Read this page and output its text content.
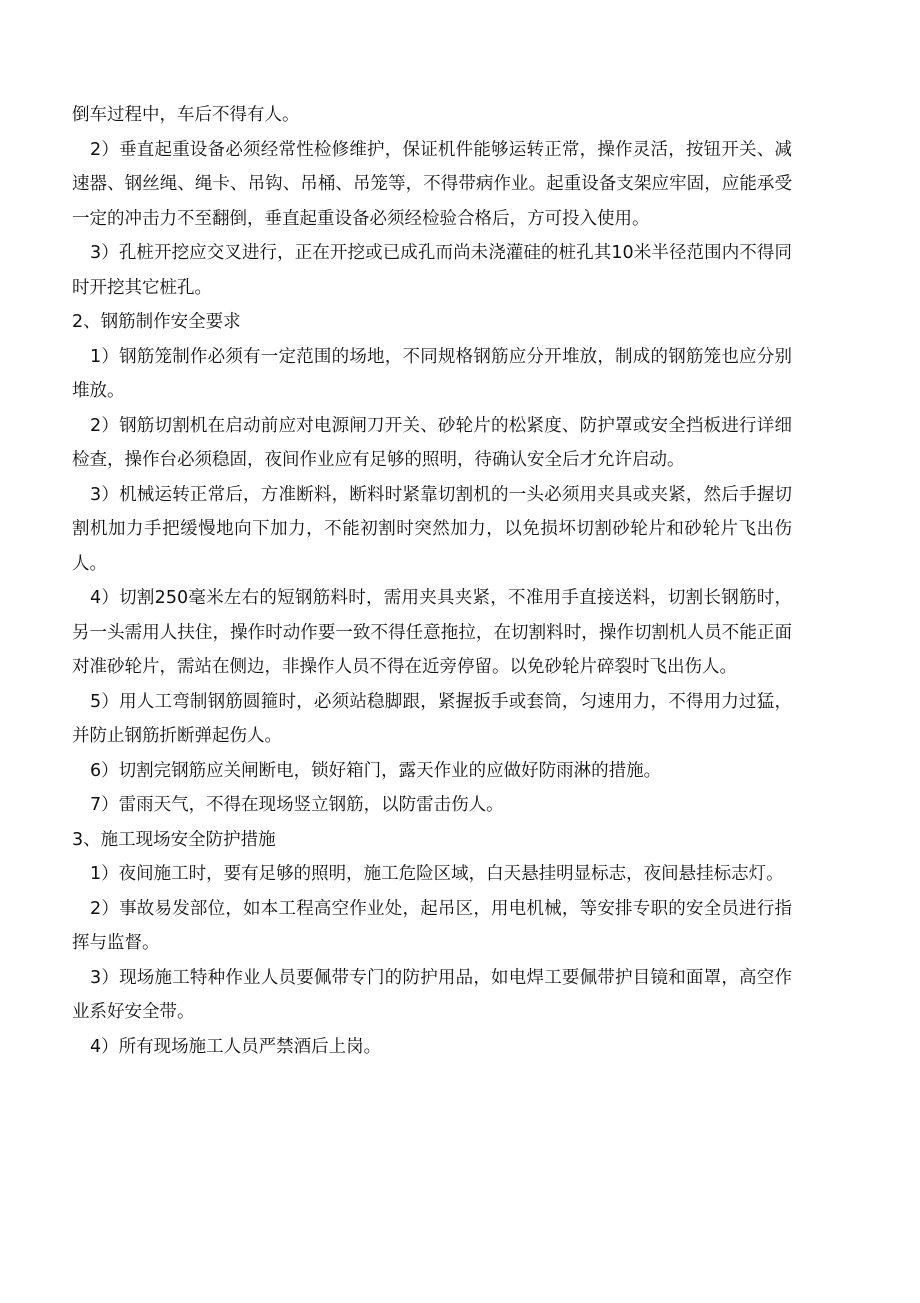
倒车过程中，车后不得有人。

2）垂直起重设备必须经常性检修维护，保证机件能够运转正常，操作灵活，按钮开关、减速器、钢丝绳、绳卡、吊钩、吊桶、吊笼等，不得带病作业。起重设备支架应牢固，应能承受一定的冲击力不至翻倒，垂直起重设备必须经检验合格后，方可投入使用。

3）孔桩开挖应交叉进行，正在开挖或已成孔而尚未浇灌硅的桩孔其10米半径范围内不得同时开挖其它桩孔。

2、钢筋制作安全要求

1）钢筋笼制作必须有一定范围的场地，不同规格钢筋应分开堆放，制成的钢筋笼也应分别堆放。

2）钢筋切割机在启动前应对电源闸刀开关、砂轮片的松紧度、防护罩或安全挡板进行详细检查，操作台必须稳固，夜间作业应有足够的照明，待确认安全后才允许启动。

3）机械运转正常后，方准断料，断料时紧靠切割机的一头必须用夹具或夹紧，然后手握切割机加力手把缓慢地向下加力，不能初割时突然加力，以免损坏切割砂轮片和砂轮片飞出伤人。

4）切割250毫米左右的短钢筋料时，需用夹具夹紧，不准用手直接送料，切割长钢筋时，另一头需用人扶住，操作时动作要一致不得任意拖拉，在切割料时，操作切割机人员不能正面对准砂轮片，需站在侧边，非操作人员不得在近旁停留。以免砂轮片碎裂时飞出伤人。

5）用人工弯制钢筋圆箍时，必须站稳脚跟，紧握扳手或套筒，匀速用力，不得用力过猛，并防止钢筋折断弹起伤人。

6）切割完钢筋应关闸断电，锁好箱门，露天作业的应做好防雨淋的措施。

7）雷雨天气，不得在现场竖立钢筋，以防雷击伤人。

3、施工现场安全防护措施

1）夜间施工时，要有足够的照明，施工危险区域，白天悬挂明显标志，夜间悬挂标志灯。

2）事故易发部位，如本工程高空作业处，起吊区，用电机械，等安排专职的安全员进行指挥与监督。

3）现场施工特种作业人员要佩带专门的防护用品，如电焊工要佩带护目镜和面罩，高空作业系好安全带。

4）所有现场施工人员严禁酒后上岗。
